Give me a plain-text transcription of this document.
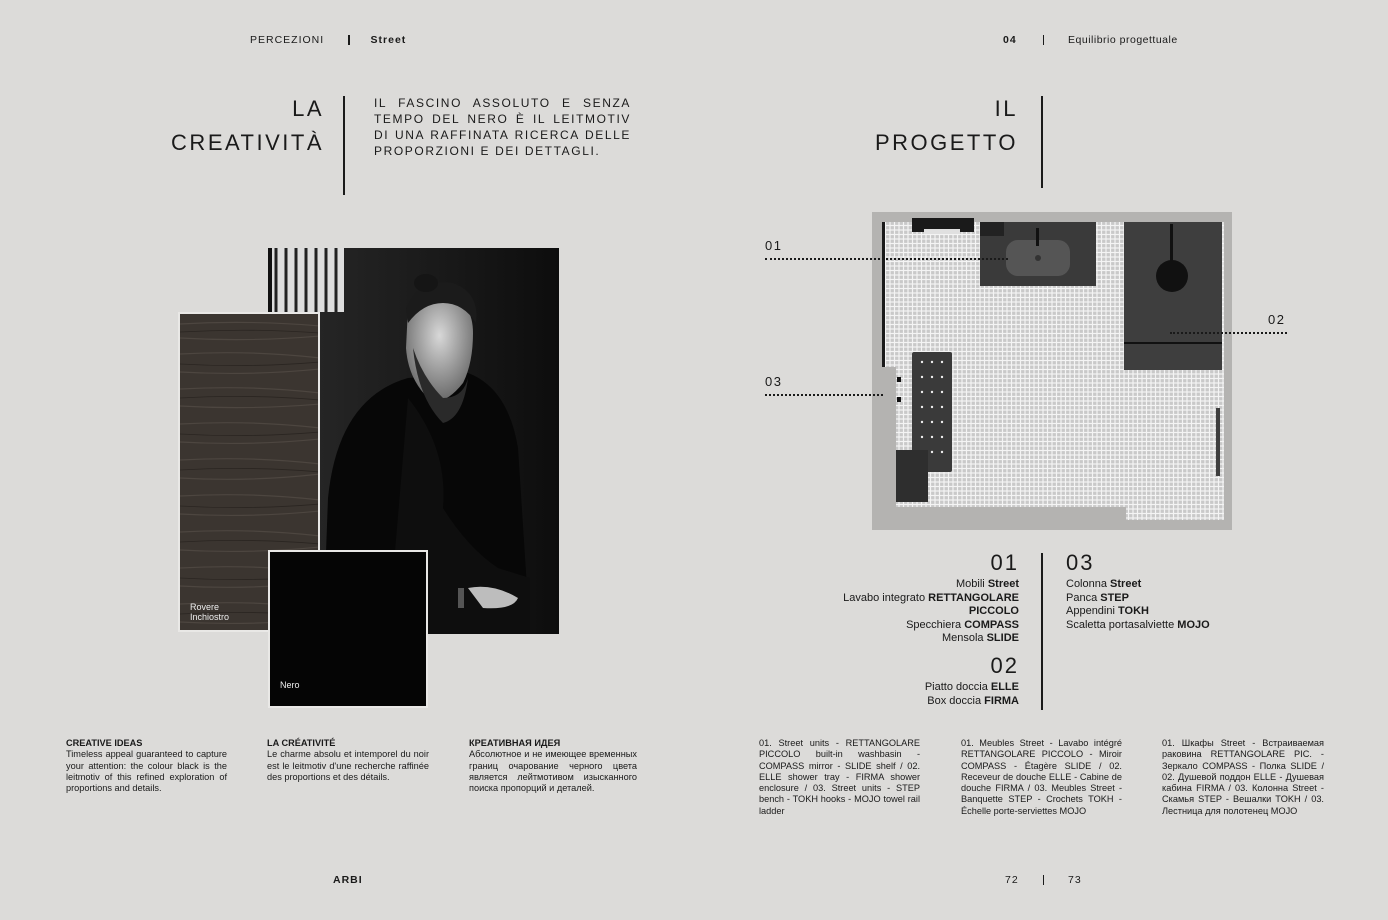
PERCEZIONI	Street
LA
CREATIVITÀ
IL FASCINO ASSOLUTO E SENZA TEMPO DEL NERO È IL LEITMOTIV DI UNA RAFFINATA RICERCA DELLE PROPORZIONI E DEI DETTAGLI.
Rovere Inchiostro
Nero
CREATIVE IDEAS

Timeless appeal guaranteed to capture your attention: the colour black is the leitmotiv of this refined exploration of proportions and details.

LA CRÉATIVITÉ

Le charme absolu et intemporel du noir est le leitmotiv d'une recherche raffinée des proportions et des détails.

КРЕАТИВНАЯ ИДЕЯ

Абсолютное и не имеющее временных границ очарование черного цвета является лейтмотивом изысканного поиска пропорций и деталей.

ARBI
04	Equilibrio progettuale
IL
PROGETTO
01
02
03
01
Mobili Street
Lavabo integrato RETTANGOLARE
PICCOLO
Specchiera COMPASS
Mensola SLIDE
02
Piatto doccia ELLE
Box doccia FIRMA
03
Colonna Street
Panca STEP
Appendini TOKH
Scaletta portasalviette MOJO
01. Street units - RETTANGOLARE PICCOLO built-in washbasin - COMPASS mirror - SLIDE shelf / 02. ELLE shower tray - FIRMA shower enclosure / 03. Street units - STEP bench - TOKH hooks - MOJO towel rail ladder
01. Meubles Street - Lavabo intégré RETTANGOLARE PICCOLO - Miroir COMPASS - Étagère SLIDE / 02. Receveur de douche ELLE - Cabine de douche FIRMA / 03. Meubles Street - Banquette STEP - Crochets TOKH - Échelle porte-serviettes MOJO
01. Шкафы Street - Встраиваемая раковина RETTANGOLARE PIC. - Зеркало COMPASS - Полка SLIDE / 02. Душевой поддон ELLE - Душевая кабина FIRMA / 03. Колонна Street - Скамья STEP - Вешалки TOKH / 03. Лестница для полотенец MOJO
72	73
